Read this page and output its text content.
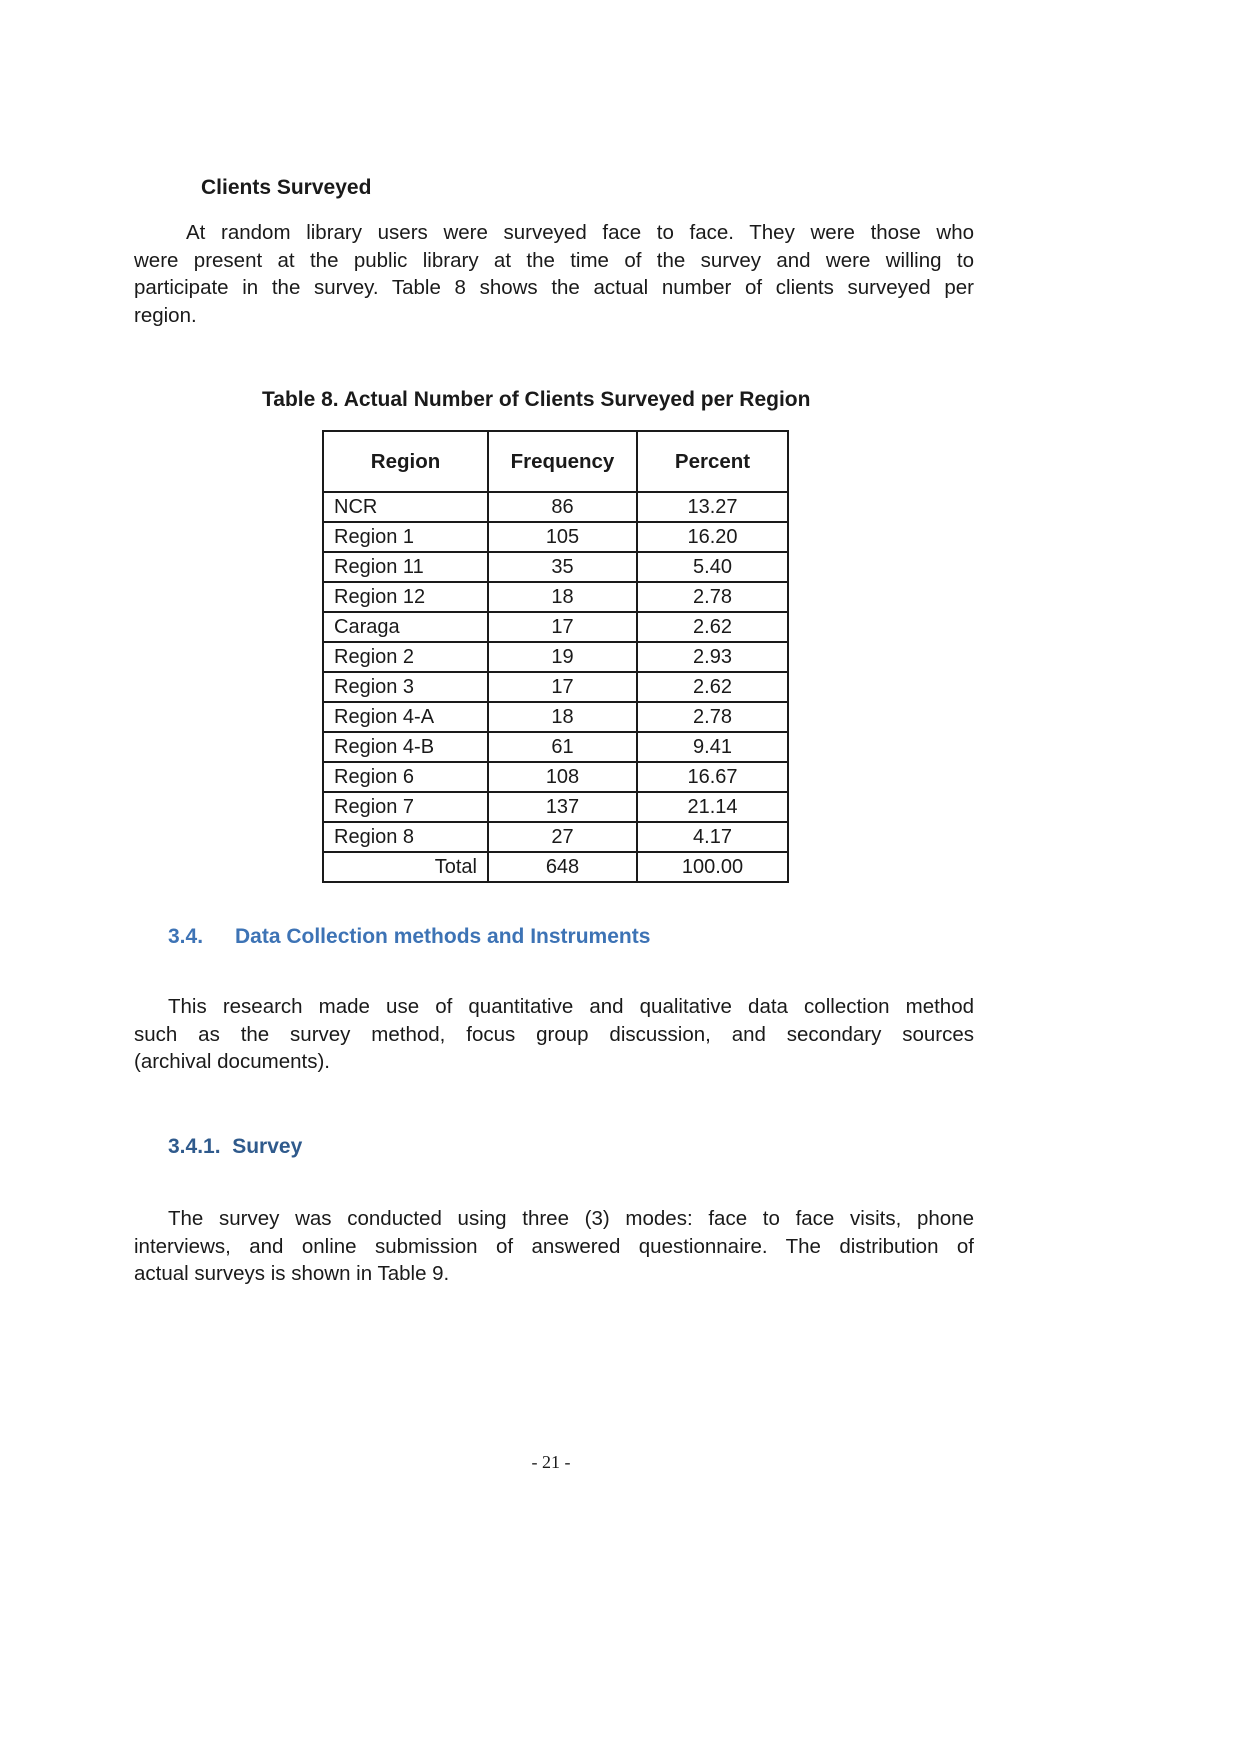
Clients Surveyed
At random library users were surveyed face to face. They were those who
were present at the public library at the time of the survey and were willing to
participate in the survey. Table 8 shows the actual number of clients surveyed per
region.

Table 8. Actual Number of Clients Surveyed per Region

Region	Frequency	Percent
NCR	86	13.27
Region 1	105	16.20
Region 11	35	5.40
Region 12	18	2.78
Caraga	17	2.62
Region 2	19	2.93
Region 3	17	2.62
Region 4-A	18	2.78
Region 4-B	61	9.41
Region 6	108	16.67
Region 7	137	21.14
Region 8	27	4.17
Total	648	100.00
3.4. Data Collection methods and Instruments
This research made use of quantitative and qualitative data collection method
such as the survey method, focus group discussion, and secondary sources
(archival documents).
3.4.1.  Survey
The survey was conducted using three (3) modes: face to face visits, phone
interviews, and online submission of answered questionnaire. The distribution of
actual surveys is shown in Table 9.

- 21 -
